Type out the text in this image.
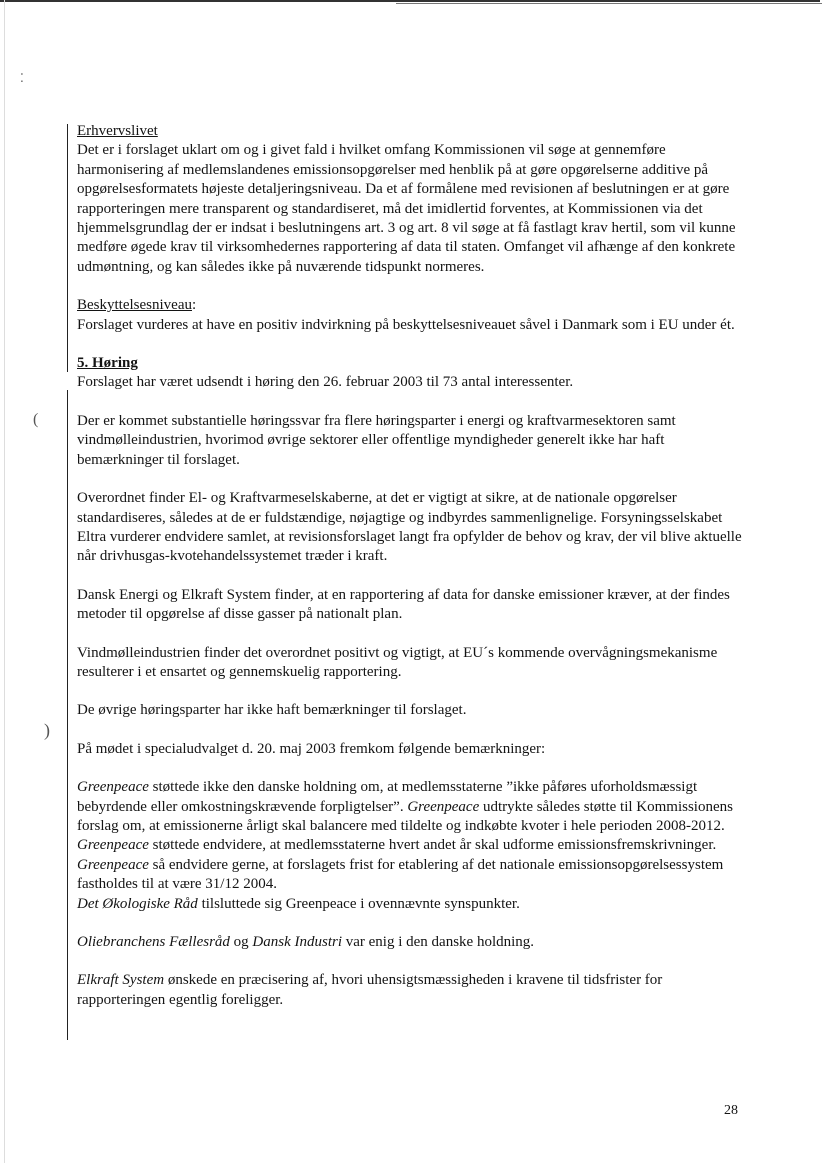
⁚
(
)

Erhvervslivet

Det er i forslaget uklart om og i givet fald i hvilket omfang Kommissionen vil søge at gennemføre harmonisering af medlemslandenes emissionsopgørelser med henblik på at gøre opgørelserne additive på opgørelsesformatets højeste detaljeringsniveau. Da et af formålene med revisionen af beslutningen er at gøre rapporteringen mere transparent og standardiseret, må det imidlertid forventes, at Kommissionen via det hjemmelsgrundlag der er indsat i beslutningens art. 3 og art. 8 vil søge at få fastlagt krav hertil, som vil kunne medføre øgede krav til virksomhedernes rapportering af data til staten. Omfanget vil afhænge af den konkrete udmøntning, og kan således ikke på nuværende tidspunkt normeres.

Beskyttelsesniveau:

Forslaget vurderes at have en positiv indvirkning på beskyttelsesniveauet såvel i Danmark som i EU under ét.

5. Høring

Forslaget har været udsendt i høring den 26. februar 2003 til 73 antal interessenter.

Der er kommet substantielle høringssvar fra flere høringsparter i energi og kraftvarmesektoren samt vindmølleindustrien, hvorimod øvrige sektorer eller offentlige myndigheder generelt ikke har haft bemærkninger til forslaget.

Overordnet finder El- og Kraftvarmeselskaberne, at det er vigtigt at sikre, at de nationale opgørelser standardiseres, således at de er fuldstændige, nøjagtige og indbyrdes sammenlignelige. Forsyningsselskabet Eltra vurderer endvidere samlet, at revisionsforslaget langt fra opfylder de behov og krav, der vil blive aktuelle når drivhusgas-kvotehandelssystemet træder i kraft.

Dansk Energi og Elkraft System finder, at en rapportering af data for danske emissioner kræver, at der findes metoder til opgørelse af disse gasser på nationalt plan.

Vindmølleindustrien finder det overordnet positivt og vigtigt, at EU´s kommende overvågningsmekanisme resulterer i et ensartet og gennemskuelig rapportering.

De øvrige høringsparter har ikke haft bemærkninger til forslaget.

På mødet i specialudvalget d. 20. maj 2003 fremkom følgende bemærkninger:

Greenpeace støttede ikke den danske holdning om, at medlemsstaterne ”ikke påføres uforholdsmæssigt bebyrdende eller omkostningskrævende forpligtelser”. Greenpeace udtrykte således støtte til Kommissionens forslag om, at emissionerne årligt skal balancere med tildelte og indkøbte kvoter i hele perioden 2008-2012. Greenpeace støttede endvidere, at medlemsstaterne hvert andet år skal udforme emissionsfremskrivninger. Greenpeace så endvidere gerne, at forslagets frist for etablering af det nationale emissionsopgørelsessystem fastholdes til at være 31/12 2004.
Det Økologiske Råd tilsluttede sig Greenpeace i ovennævnte synspunkter.

Oliebranchens Fællesråd og Dansk Industri var enig i den danske holdning.

Elkraft System ønskede en præcisering af, hvori uhensigtsmæssigheden i kravene til tidsfrister for rapporteringen egentlig foreligger.

28
